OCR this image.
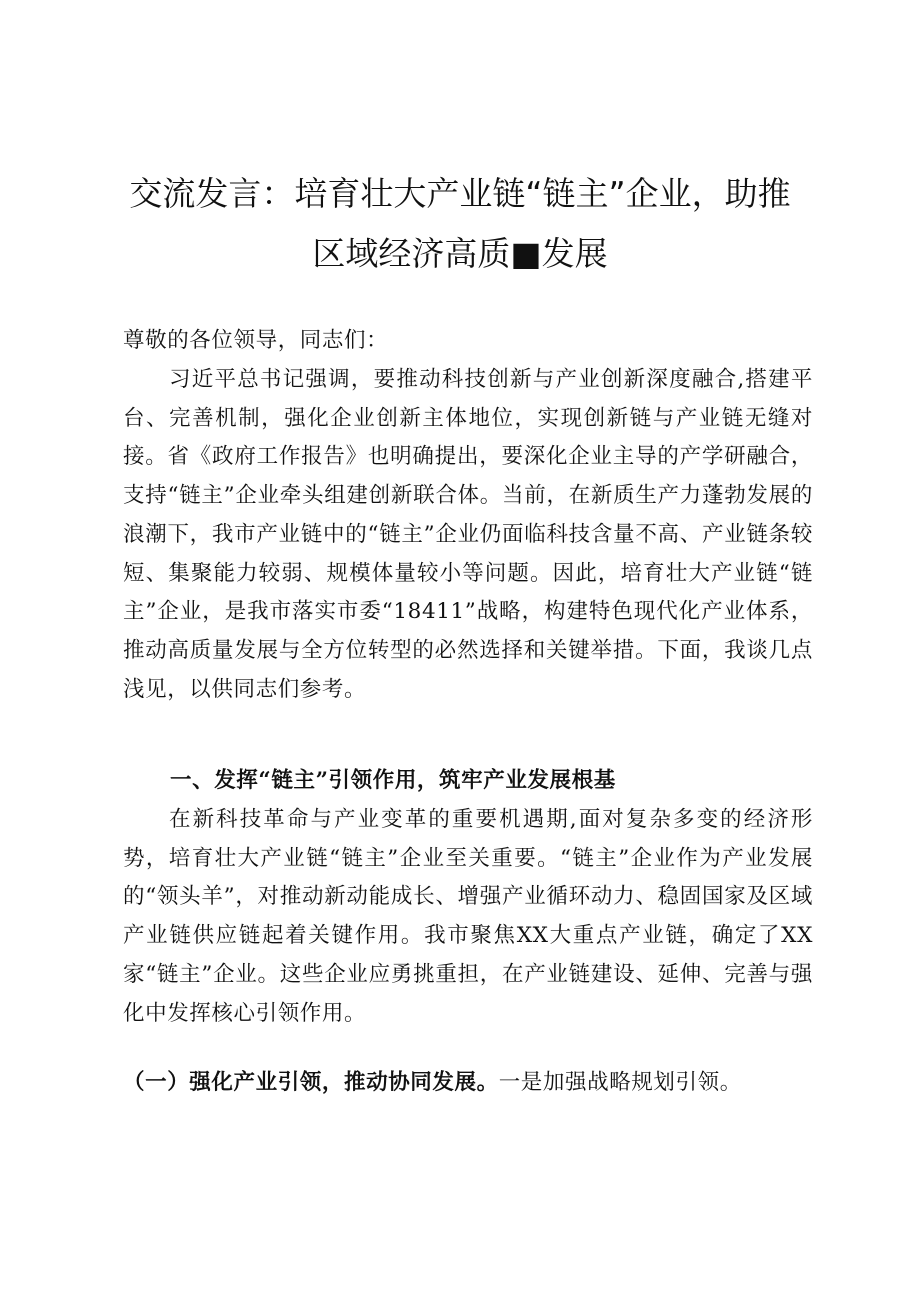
交流发言：培育壮大产业链“链主”企业，助推
区域经济高质■发展
尊敬的各位领导，同志们：
习近平总书记强调，要推动科技创新与产业创新深度融合,搭建平台、完善机制，强化企业创新主体地位，实现创新链与产业链无缝对接。省《政府工作报告》也明确提出，要深化企业主导的产学研融合，支持“链主”企业牵头组建创新联合体。当前，在新质生产力蓬勃发展的浪潮下，我市产业链中的“链主”企业仍面临科技含量不高、产业链条较短、集聚能力较弱、规模体量较小等问题。因此，培育壮大产业链“链主”企业，是我市落实市委“18411”战略，构建特色现代化产业体系，推动高质量发展与全方位转型的必然选择和关键举措。下面，我谈几点浅见，以供同志们参考。
一、发挥“链主”引领作用，筑牢产业发展根基
在新科技革命与产业变革的重要机遇期,面对复杂多变的经济形势，培育壮大产业链“链主”企业至关重要。“链主”企业作为产业发展的“领头羊”，对推动新动能成长、增强产业循环动力、稳固国家及区域产业链供应链起着关键作用。我市聚焦XX大重点产业链，确定了XX家“链主”企业。这些企业应勇挑重担，在产业链建设、延伸、完善与强化中发挥核心引领作用。
（一）强化产业引领，推动协同发展。一是加强战略规划引领。
